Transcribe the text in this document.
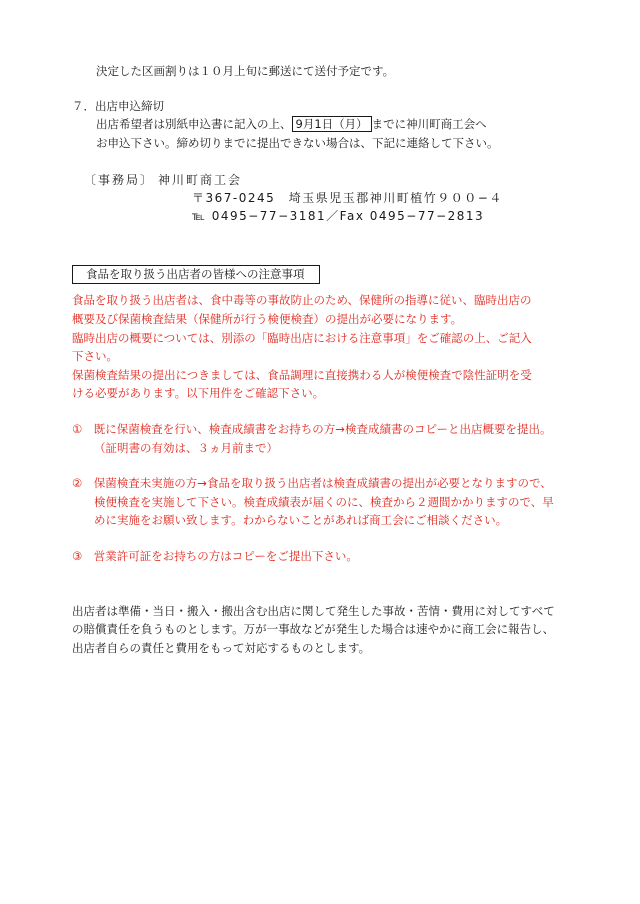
決定した区画割りは１０月上旬に郵送にて送付予定です。
７．出店申込締切
出店希望者は別紙申込書に記入の上、 9月1日（月） までに神川町商工会へ
お申込下さい。締め切りまでに提出できない場合は、下記に連絡して下さい。
〔事務局〕 神川町商工会
〒367-0245　埼玉県児玉郡神川町植竹９００−４
℡ 0495−77−3181／Fax 0495−77−2813
食品を取り扱う出店者の皆様への注意事項
食品を取り扱う出店者は、食中毒等の事故防止のため、保健所の指導に従い、臨時出店の
概要及び保菌検査結果（保健所が行う検便検査）の提出が必要になります。
臨時出店の概要については、別添の「臨時出店における注意事項」をご確認の上、ご記入
下さい。
保菌検査結果の提出につきましては、食品調理に直接携わる人が検便検査で陰性証明を受
ける必要があります。以下用件をご確認下さい。
①　既に保菌検査を行い、検査成績書をお持ちの方→検査成績書のコピーと出店概要を提出。
（証明書の有効は、３ヵ月前まで）
②　保菌検査未実施の方→食品を取り扱う出店者は検査成績書の提出が必要となりますので、
検便検査を実施して下さい。検査成績表が届くのに、検査から２週間かかりますので、早
めに実施をお願い致します。わからないことがあれば商工会にご相談ください。
③　営業許可証をお持ちの方はコピーをご提出下さい。
出店者は準備・当日・搬入・搬出含む出店に関して発生した事故・苦情・費用に対してすべて
の賠償責任を負うものとします。万が一事故などが発生した場合は速やかに商工会に報告し、
出店者自らの責任と費用をもって対応するものとします。
